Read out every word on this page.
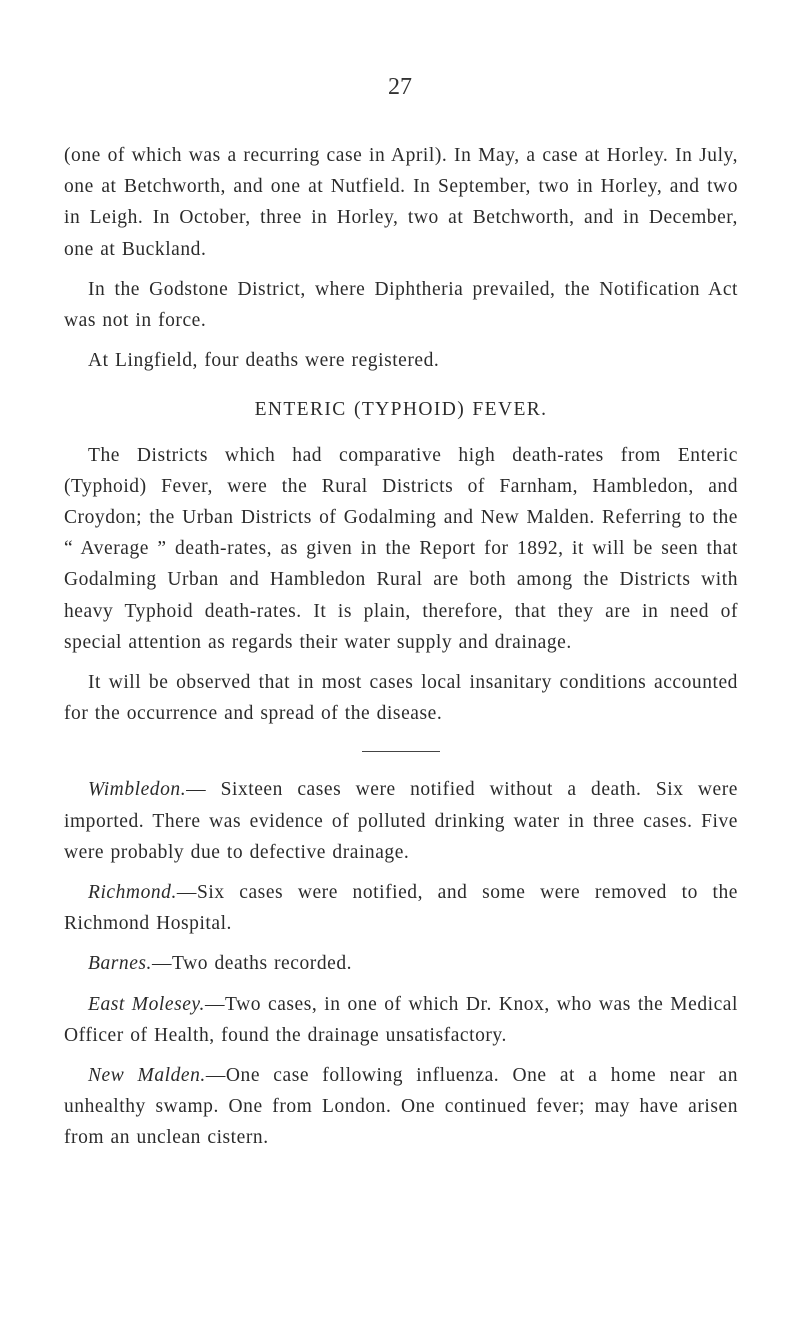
27

(one of which was a recurring case in April). In May, a case at Horley. In July, one at Betchworth, and one at Nutfield. In September, two in Horley, and two in Leigh. In October, three in Horley, two at Betchworth, and in December, one at Buckland.

In the Godstone District, where Diphtheria prevailed, the Notification Act was not in force.

At Lingfield, four deaths were registered.

ENTERIC (TYPHOID) FEVER.

The Districts which had comparative high death-rates from Enteric (Typhoid) Fever, were the Rural Districts of Farnham, Hambledon, and Croydon; the Urban Districts of Godalming and New Malden. Referring to the “ Average ” death-rates, as given in the Report for 1892, it will be seen that Godalming Urban and Hambledon Rural are both among the Districts with heavy Typhoid death-rates. It is plain, therefore, that they are in need of special attention as regards their water supply and drainage.

It will be observed that in most cases local insanitary conditions accounted for the occurrence and spread of the disease.

Wimbledon.— Sixteen cases were notified without a death. Six were imported. There was evidence of polluted drinking water in three cases. Five were probably due to defective drainage.

Richmond.—Six cases were notified, and some were removed to the Richmond Hospital.

Barnes.—Two deaths recorded.

East Molesey.—Two cases, in one of which Dr. Knox, who was the Medical Officer of Health, found the drainage unsatisfactory.

New Malden.—One case following influenza. One at a home near an unhealthy swamp. One from London. One continued fever; may have arisen from an unclean cistern.
